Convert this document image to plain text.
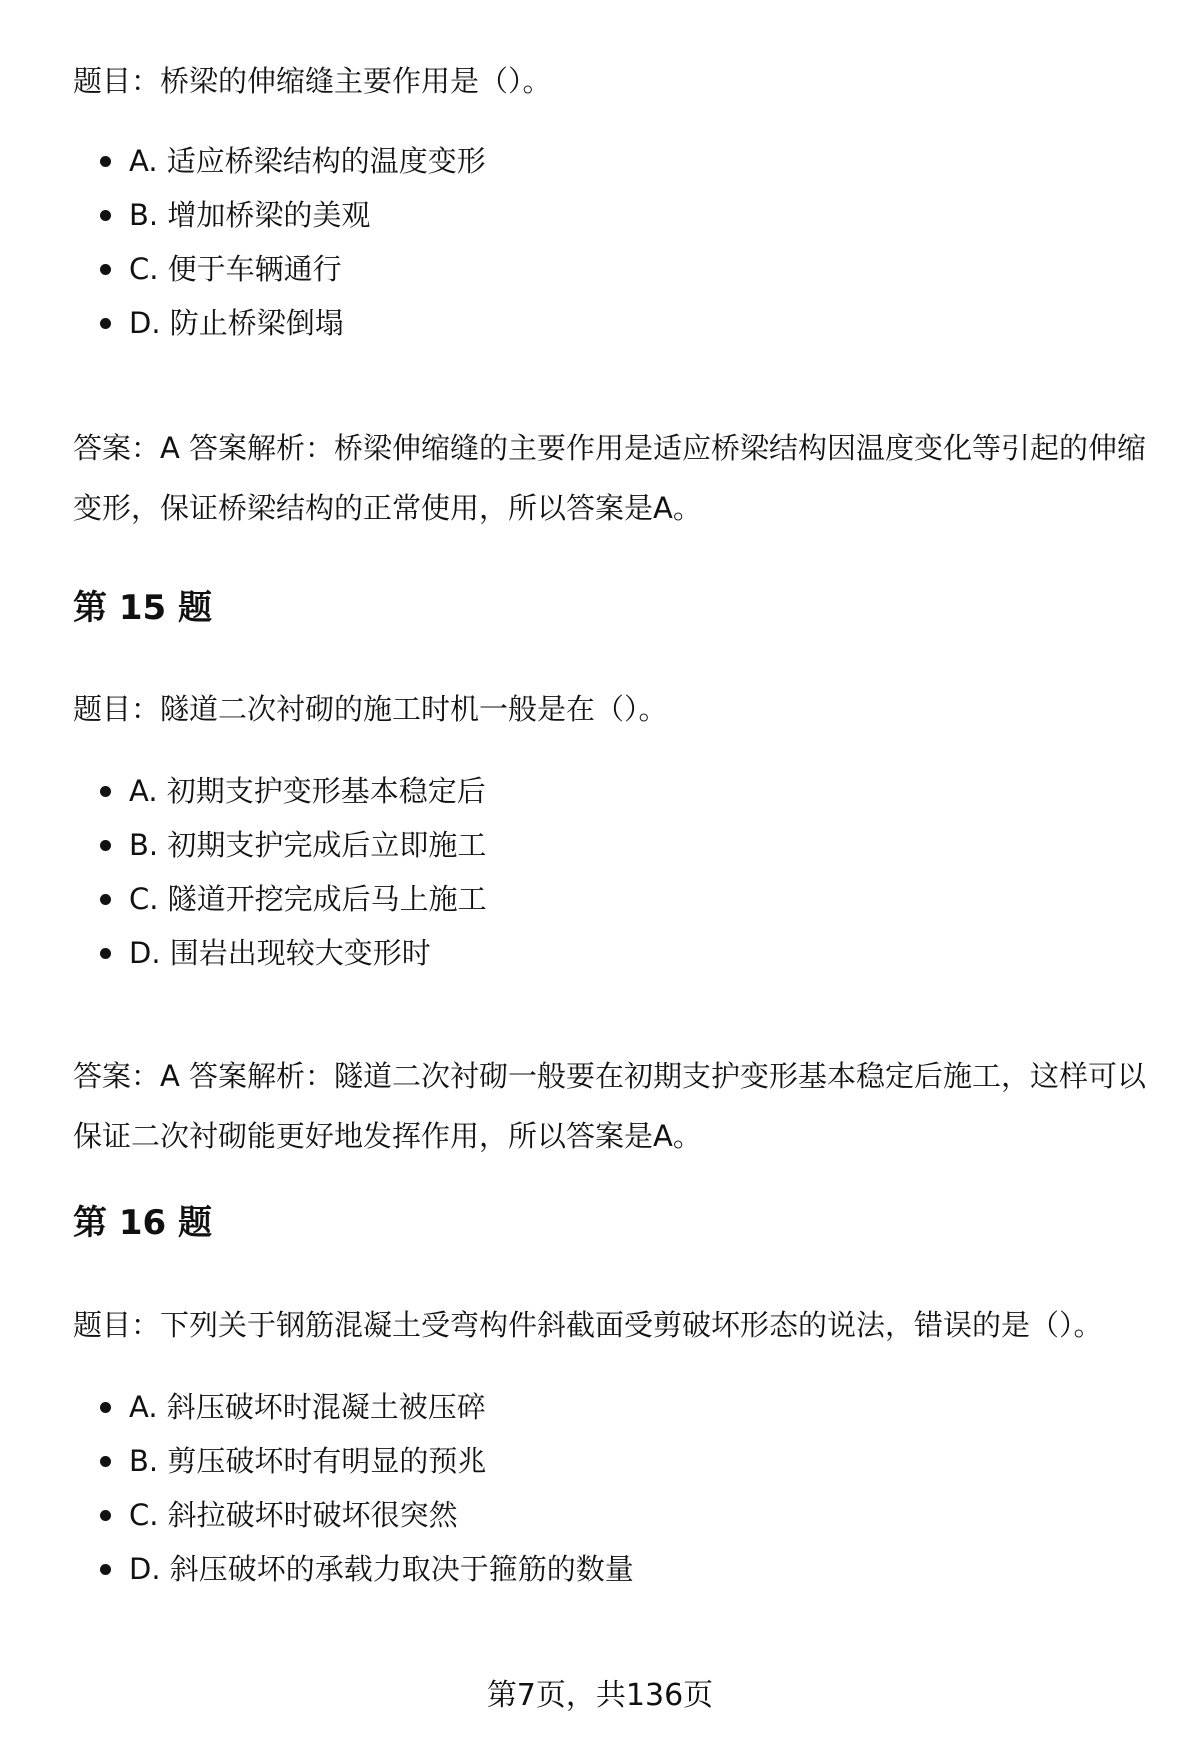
题目：桥梁的伸缩缝主要作用是（）。

A. 适应桥梁结构的温度变形
B. 增加桥梁的美观
C. 便于车辆通行
D. 防止桥梁倒塌

答案：A 答案解析：桥梁伸缩缝的主要作用是适应桥梁结构因温度变化等引起的伸缩变形，保证桥梁结构的正常使用，所以答案是A。

第 15 题

题目：隧道二次衬砌的施工时机一般是在（）。

A. 初期支护变形基本稳定后
B. 初期支护完成后立即施工
C. 隧道开挖完成后马上施工
D. 围岩出现较大变形时

答案：A 答案解析：隧道二次衬砌一般要在初期支护变形基本稳定后施工，这样可以保证二次衬砌能更好地发挥作用，所以答案是A。

第 16 题

题目：下列关于钢筋混凝土受弯构件斜截面受剪破坏形态的说法，错误的是（）。

A. 斜压破坏时混凝土被压碎
B. 剪压破坏时有明显的预兆
C. 斜拉破坏时破坏很突然
D. 斜压破坏的承载力取决于箍筋的数量
第7页，共136页
